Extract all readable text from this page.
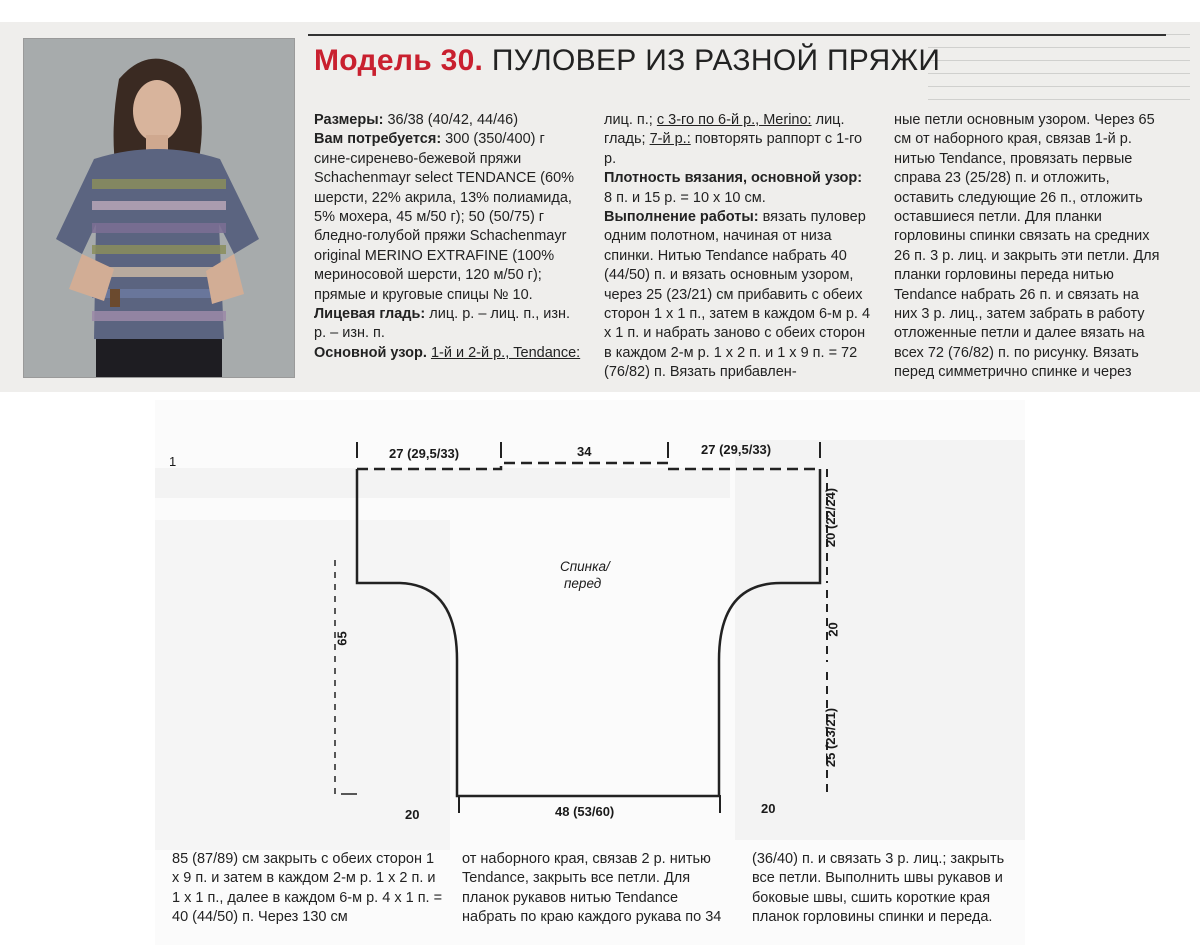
Модель 30. ПУЛОВЕР ИЗ РАЗНОЙ ПРЯЖИ

Размеры: 36/38 (40/42, 44/46)

Вам потребуется: 300 (350/400) г сине-сиренево-бежевой пряжи Schachenmayr select TENDANCE (60% шерсти, 22% акрила, 13% полиамида, 5% мохера, 45 м/50 г); 50 (50/75) г бледно-голубой пряжи Schachenmayr original MERINO EXTRAFINE (100% мериносовой шерсти, 120 м/50 г); прямые и круговые спицы № 10.

Лицевая гладь: лиц. р. – лиц. п., изн. р. – изн. п.

Основной узор. 1-й и 2-й р., Tendance:

лиц. п.; с 3-го по 6-й р., Merino: лиц. гладь; 7-й р.: повторять раппорт с 1-го р.

Плотность вязания, основной узор: 8 п. и 15 р. = 10 х 10 см.

Выполнение работы: вязать пуловер одним полотном, начиная от низа спинки. Нитью Tendance набрать 40 (44/50) п. и вязать основным узором, через 25 (23/21) см прибавить с обеих сторон 1 х 1 п., затем в каждом 6-м р. 4 х 1 п. и набрать заново с обеих сторон в каждом 2-м р. 1 х 2 п. и 1 х 9 п. = 72 (76/82) п. Вязать прибавлен-

ные петли основным узором. Через 65 см от наборного края, связав 1-й р. нитью Tendance, провязать первые справа 23 (25/28) п. и отложить, оставить следующие 26 п., отложить оставшиеся петли. Для планки горловины спинки связать на средних 26 п. 3 р. лиц. и закрыть эти петли. Для планки горловины переда нитью Tendance набрать 26 п. и связать на них 3 р. лиц., затем забрать в работу отложенные петли и далее вязать на всех 72 (76/82) п. по рисунку. Вязать перед симметрично спинке и через

1
27 (29,5/33)	34	27 (29,5/33)
20 (22/24)
20
25 (23/21)
65
20	48 (53/60)	20
Спинка/
перед

85 (87/89) см закрыть с обеих сторон 1 х 9 п. и затем в каждом 2-м р. 1 х 2 п. и 1 х 1 п., далее в каждом 6-м р. 4 х 1 п. = 40 (44/50) п. Через 130 см

от наборного края, связав 2 р. нитью Tendance, закрыть все петли. Для планок рукавов нитью Tendance набрать по краю каждого рукава по 34

(36/40) п. и связать 3 р. лиц.; закрыть все петли. Выполнить швы рукавов и боковые швы, сшить короткие края планок горловины спинки и переда.
